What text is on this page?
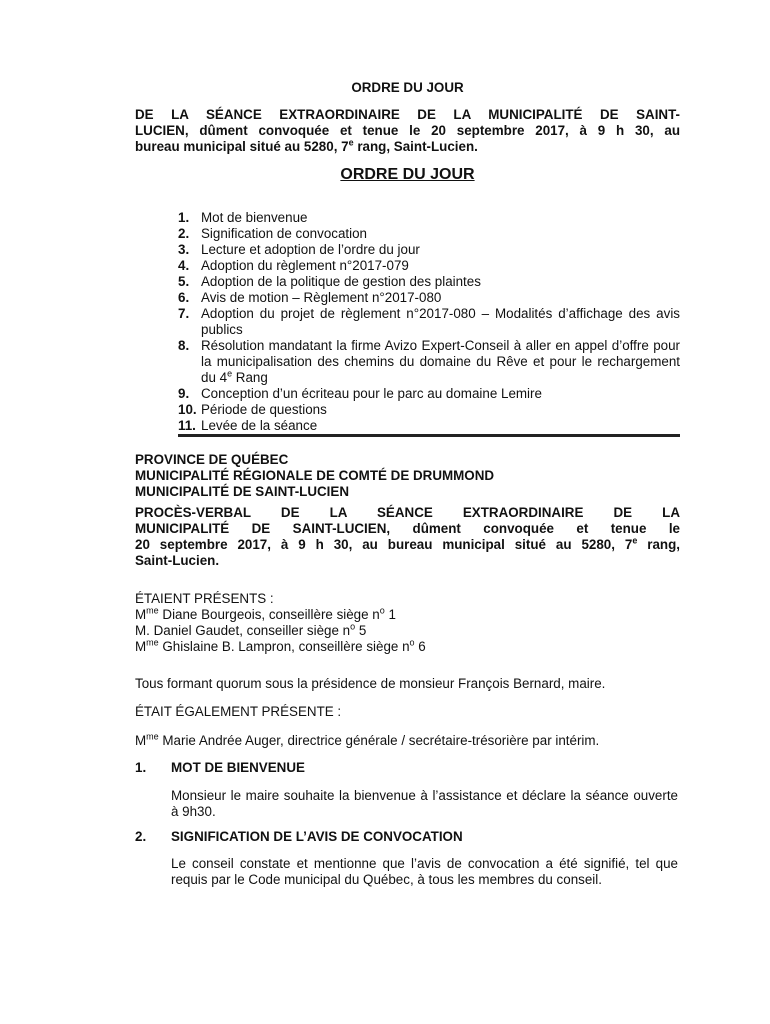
ORDRE DU JOUR
DE LA SÉANCE EXTRAORDINAIRE DE LA MUNICIPALITÉ DE SAINT-
LUCIEN, dûment convoquée et tenue le 20 septembre 2017, à 9 h 30, au
bureau municipal situé au 5280, 7e rang, Saint-Lucien.
ORDRE DU JOUR
1. Mot de bienvenue
2. Signification de convocation
3. Lecture et adoption de l’ordre du jour
4. Adoption du règlement n°2017-079
5. Adoption de la politique de gestion des plaintes
6. Avis de motion – Règlement n°2017-080
7. Adoption du projet de règlement n°2017-080 – Modalités d’affichage des avis publics
8. Résolution mandatant la firme Avizo Expert-Conseil à aller en appel d’offre pour la municipalisation des chemins du domaine du Rêve et pour le rechargement du 4e Rang
9. Conception d’un écriteau pour le parc au domaine Lemire
10. Période de questions
11. Levée de la séance
PROVINCE DE QUÉBEC
MUNICIPALITÉ RÉGIONALE DE COMTÉ DE DRUMMOND
MUNICIPALITÉ DE SAINT-LUCIEN
PROCÈS-VERBAL DE LA SÉANCE EXTRAORDINAIRE DE LA
MUNICIPALITÉ DE SAINT-LUCIEN, dûment convoquée et tenue le
20 septembre 2017, à 9 h 30, au bureau municipal situé au 5280, 7e rang,
Saint-Lucien.
ÉTAIENT PRÉSENTS :
$M^{me}$ Diane Bourgeois, conseillère siège $n^o$ 1
M. Daniel Gaudet, conseiller siège $n^o$ 5
$M^{me}$ Ghislaine B. Lampron, conseillère siège $n^o$ 6
Tous formant quorum sous la présidence de monsieur François Bernard, maire.
ÉTAIT ÉGALEMENT PRÉSENTE :
$M^{me}$ Marie Andrée Auger, directrice générale / secrétaire-trésorière par intérim.
1. MOT DE BIENVENUE
Monsieur le maire souhaite la bienvenue à l’assistance et déclare la séance ouverte à 9h30.
2. SIGNIFICATION DE L’AVIS DE CONVOCATION
Le conseil constate et mentionne que l’avis de convocation a été signifié, tel que requis par le Code municipal du Québec, à tous les membres du conseil.
